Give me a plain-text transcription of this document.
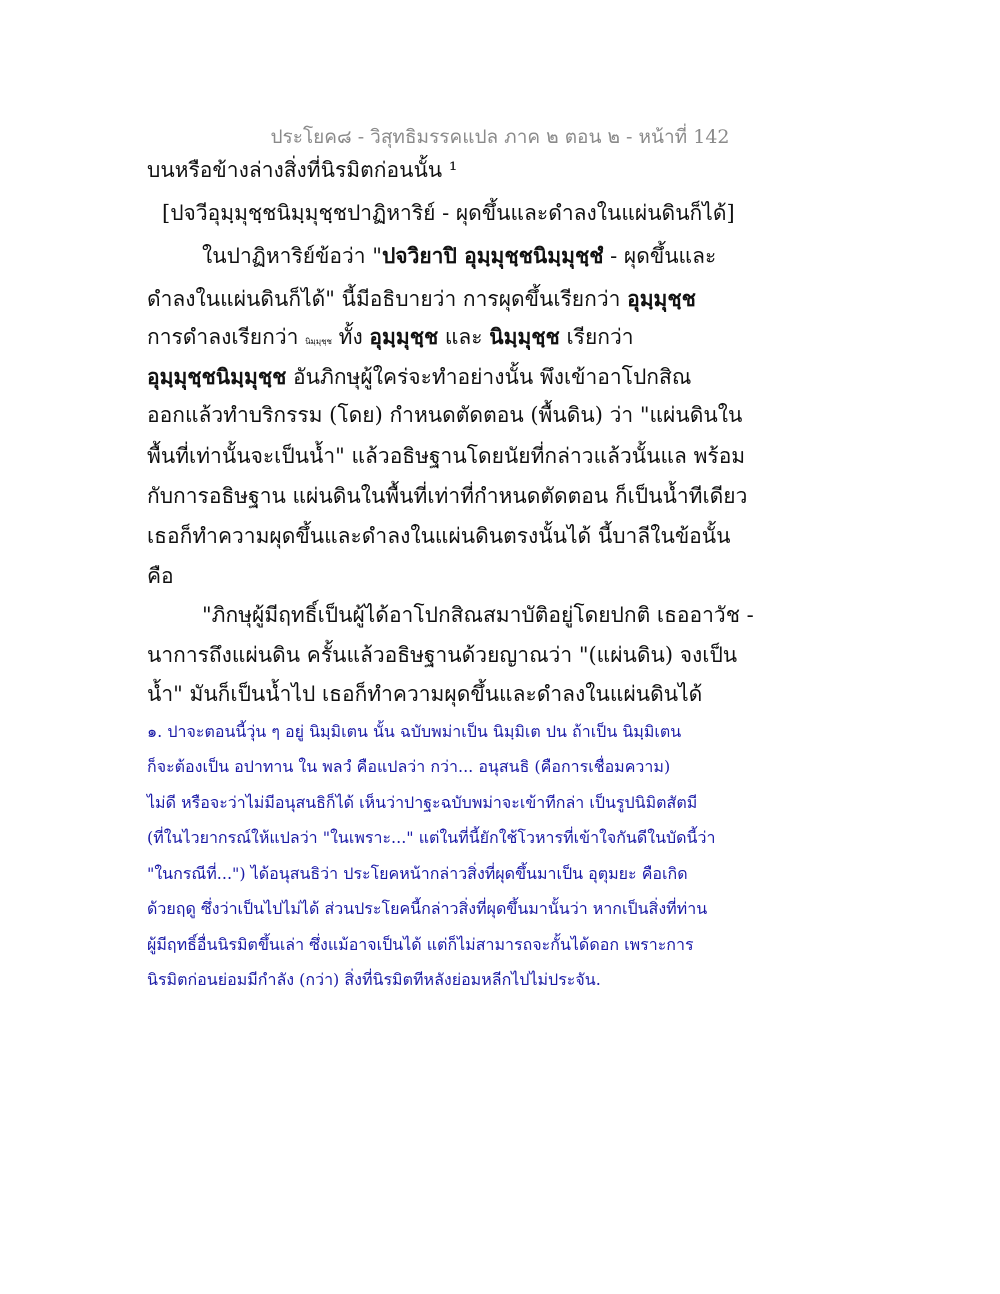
ประโยค๘ - วิสุทธิมรรคแปล ภาค ๒ ตอน ๒ - หน้าที่ 142
บนหรือข้างล่างสิ่งที่นิรมิตก่อนนั้น ¹
[ปจวีอุมฺมุชฺชนิมฺมุชฺชปาฏิหาริย์ - ผุดขึ้นและดำลงในแผ่นดินก็ได้]
ในปาฏิหาริย์ข้อว่า "ปจวิยาปิ อุมฺมุชฺชนิมฺมุชฺชํ - ผุดขึ้นและ
ดำลงในแผ่นดินก็ได้" นี้มีอธิบายว่า การผุดขึ้นเรียกว่า อุมฺมุชฺช
การดำลงเรียกว่า นิมฺมุชฺช ทั้ง อุมฺมุชฺช และ นิมฺมุชฺช เรียกว่า
อุมฺมุชฺชนิมฺมุชฺช อันภิกษุผู้ใคร่จะทำอย่างนั้น พึงเข้าอาโปกสิณ
ออกแล้วทำบริกรรม (โดย) กำหนดตัดตอน (พื้นดิน) ว่า "แผ่นดินใน
พื้นที่เท่านั้นจะเป็นน้ำ" แล้วอธิษฐานโดยนัยที่กล่าวแล้วนั้นแล พร้อม
กับการอธิษฐาน แผ่นดินในพื้นที่เท่าที่กำหนดตัดตอน ก็เป็นน้ำทีเดียว
เธอก็ทำความผุดขึ้นและดำลงในแผ่นดินตรงนั้นได้ นี้บาลีในข้อนั้น
คือ
"ภิกษุผู้มีฤทธิ์เป็นผู้ได้อาโปกสิณสมาบัติอยู่โดยปกติ เธออาวัช -
นาการถึงแผ่นดิน ครั้นแล้วอธิษฐานด้วยญาณว่า "(แผ่นดิน) จงเป็น
น้ำ" มันก็เป็นน้ำไป เธอก็ทำความผุดขึ้นและดำลงในแผ่นดินได้
๑. ปาจะตอนนี้วุ่น ๆ อยู่ นิมฺมิเตน นั้น ฉบับพม่าเป็น นิมฺมิเต ปน ถ้าเป็น นิมฺมิเตน
ก็จะต้องเป็น อปาทาน ใน พลวํ คือแปลว่า กว่า... อนุสนธิ (คือการเชื่อมความ)
ไม่ดี หรือจะว่าไม่มีอนุสนธิก็ได้ เห็นว่าปาฐะฉบับพม่าจะเข้าทีกล่า เป็นรูปนิมิตสัตมี
(ที่ในไวยากรณ์ให้แปลว่า "ในเพราะ..." แต่ในที่นี้ยักใช้โวหารที่เข้าใจกันดีในบัดนี้ว่า
"ในกรณีที่...") ได้อนุสนธิว่า ประโยคหน้ากล่าวสิ่งที่ผุดขึ้นมาเป็น อุตุมยะ คือเกิด
ด้วยฤดู ซึ่งว่าเป็นไปไม่ได้ ส่วนประโยคนี้กล่าวสิ่งที่ผุดขึ้นมานั้นว่า หากเป็นสิ่งที่ท่าน
ผู้มีฤทธิ์อื่นนิรมิตขึ้นเล่า ซึ่งแม้อาจเป็นได้ แต่ก็ไม่สามารถจะกั้นได้ดอก เพราะการ
นิรมิตก่อนย่อมมีกำลัง (กว่า) สิ่งที่นิรมิตทีหลังย่อมหลีกไปไม่ประจัน.
